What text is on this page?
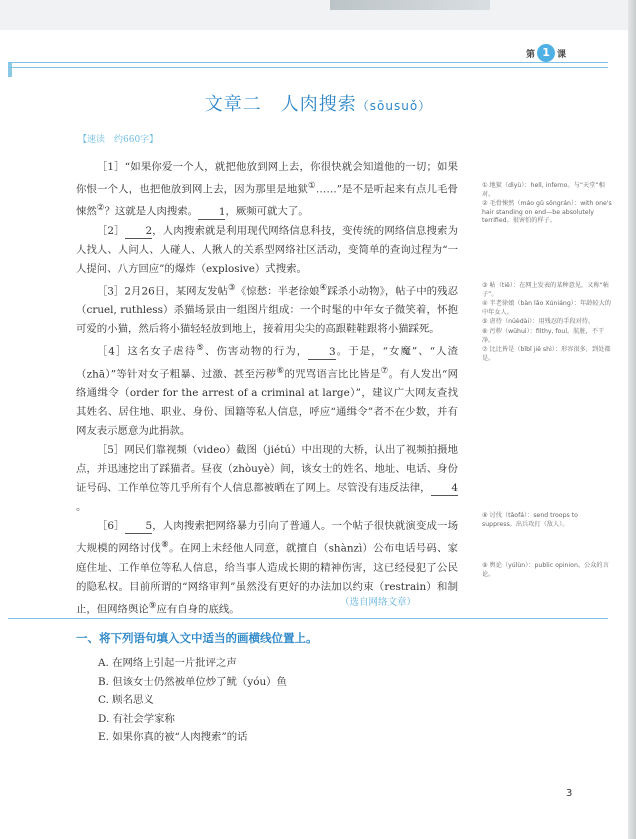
第 1 课
文章二　人肉搜索（sōusuǒ）
【速读　约660字】

［1］“如果你爱一个人，就把他放到网上去，你很快就会知道他的一切；如果你恨一个人，也把他放到网上去，因为那里是地狱①……”是不是听起来有点儿毛骨悚然②？这就是人肉搜索。 1，厥频可就大了。

［2］ 2，人肉搜索就是利用现代网络信息科技，变传统的网络信息搜索为人找人、人问人、人碰人、人揪人的关系型网络社区活动，变简单的查询过程为“一人提问、八方回应”的爆炸（explosive）式搜索。

［3］2月26日，某网友发帖③《惊愁：半老徐娘④踩杀小动物》，帖子中的残忍（cruel, ruthless）杀猫场景由一组图片组成：一个时髦的中年女子微笑着，怀抱可爱的小猫，然后将小猫轻轻放到地上，接着用尖尖的高跟鞋鞋跟将小猫踩死。

［4］这名女子虐待⑤、伤害动物的行为， 3。于是，“女魔”、“人渣（zhā）”等针对女子粗暴、过激、甚至污秽⑥的咒骂语言比比皆是⑦。有人发出“网络通缉令（order for the arrest of a criminal at large）”，建议广大网友查找其姓名、居住地、职业、身份、国籍等私人信息，呼应“通缉令”者不在少数，并有网友表示愿意为此捐款。

［5］网民们靠视频（video）截图（jiétú）中出现的大桥，认出了视频拍摄地点，并迅速挖出了踩猫者。昼夜（zhòuyè）间，该女士的姓名、地址、电话、身份证号码、工作单位等几乎所有个人信息都被晒在了网上。尽管没有违反法律， 4。

［6］ 5，人肉搜索把网络暴力引向了普通人。一个帖子很快就演变成一场大规模的网络讨伐⑧。在网上未经他人同意，就擅自（shànzì）公布电话号码、家庭住址、工作单位等私人信息，给当事人造成长期的精神伤害，这已经侵犯了公民的隐私权。目前所谓的“网络审判”虽然没有更好的办法加以约束（restrain）和制止，但网络舆论⑨应有自身的底线。

（选自网络文章）
① 地狱（dìyù）：hell, inferno。与“天堂”相对。
② 毛骨悚然（máo gǔ sǒngrán）：with one's hair standing on end—be absolutely terrified。很害怕的样子。
③ 帖（tiě）：在网上发表的某种意见，又称“帖子”。
④ 半老徐娘（bàn lǎo Xúniáng）：年龄较大的中年女人。
⑤ 虐待（nüèdài）：用残忍的手段对待。
⑥ 污秽（wūhuì）：filthy, foul。肮脏，不干净。
⑦ 比比皆是（bǐbǐ jiē shì）：形容很多，到处都是。
⑧ 讨伐（tǎofá）：send troops to suppress。出兵攻打（敌人）。
⑨ 舆论（yúlùn）：public opinion。公众的言论。
一、将下列语句填入文中适当的画横线位置上。
A. 在网络上引起一片批评之声
B. 但该女士仍然被单位炒了鱿（yóu）鱼
C. 顾名思义
D. 有社会学家称
E. 如果你真的被“人肉搜索”的话
3
